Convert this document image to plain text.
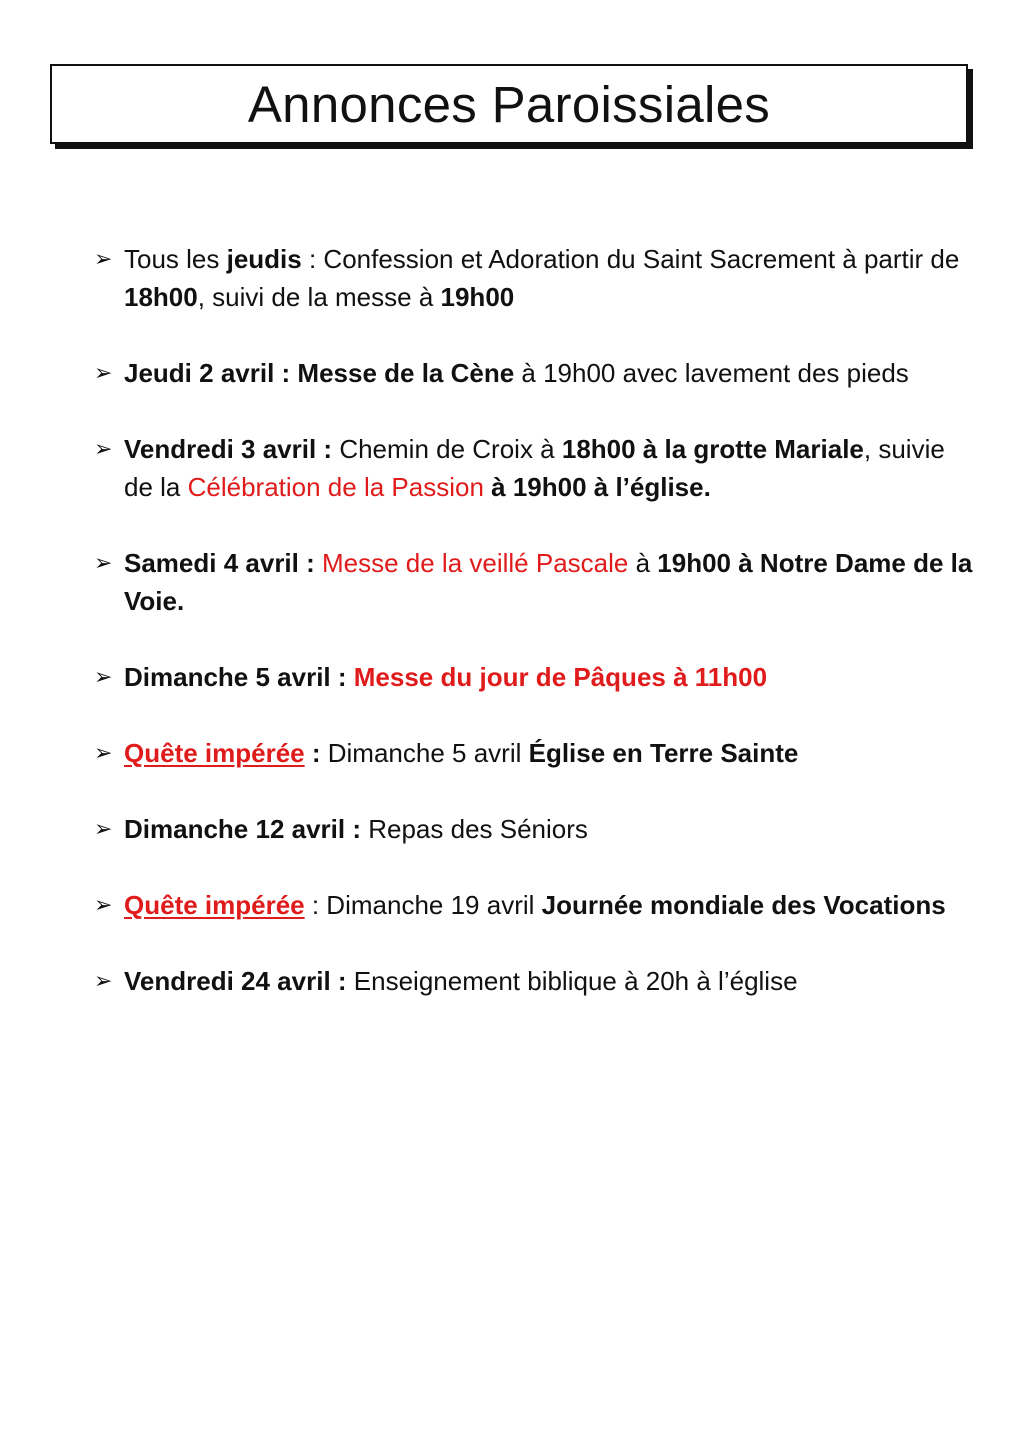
Annonces Paroissiales
➢ Tous les jeudis : Confession et Adoration du Saint Sacrement à partir de 18h00, suivi de la messe à 19h00
➢ Jeudi 2 avril : Messe de la Cène à 19h00 avec lavement des pieds
➢ Vendredi 3 avril : Chemin de Croix à 18h00 à la grotte Mariale, suivie de la Célébration de la Passion à 19h00 à l’église.
➢ Samedi 4 avril : Messe de la veillé Pascale à 19h00 à Notre Dame de la Voie.
➢ Dimanche 5 avril : Messe du jour de Pâques à 11h00
➢ Quête impérée : Dimanche 5 avril Église en Terre Sainte
➢ Dimanche 12 avril : Repas des Séniors
➢ Quête impérée : Dimanche 19 avril Journée mondiale des Vocations
➢ Vendredi 24 avril : Enseignement biblique à 20h à l’église
